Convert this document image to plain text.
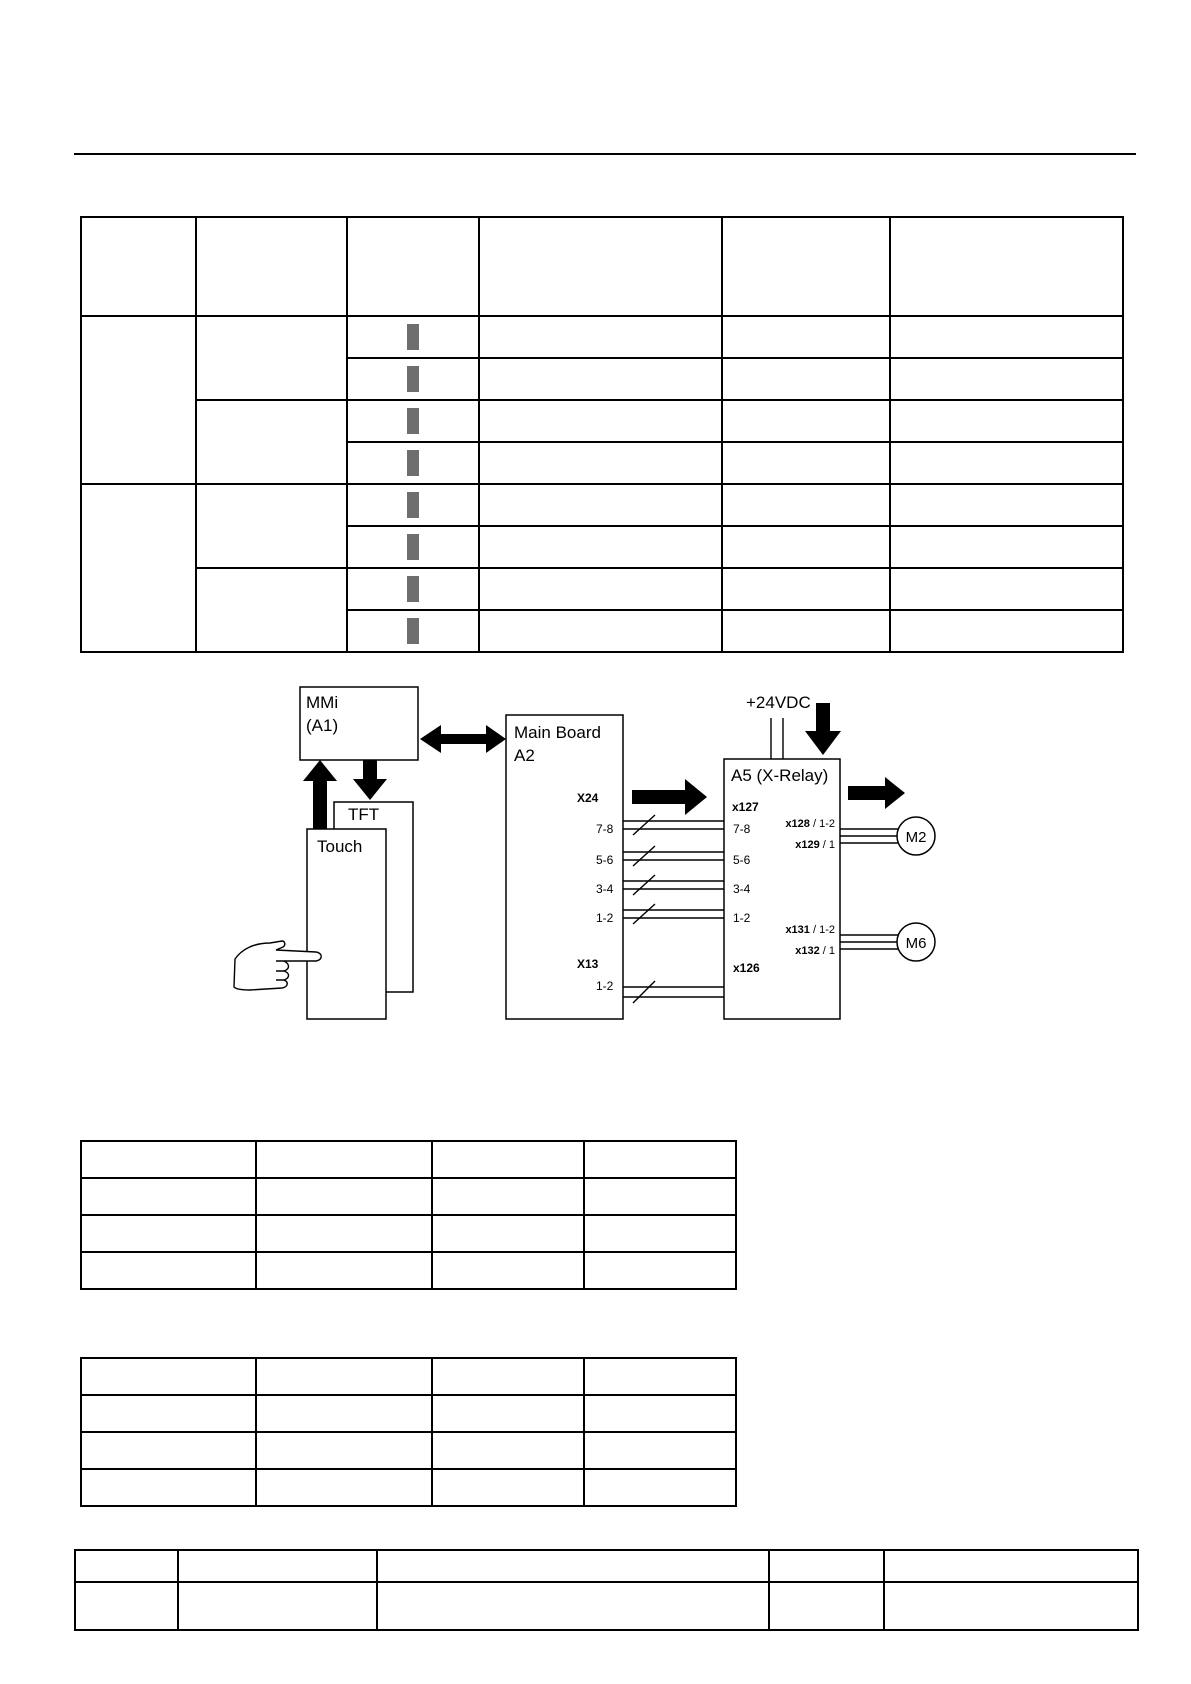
MMi
(A1)
TFT
Touch
Main Board
A2
X24
7-8
5-6
3-4
1-2
X13
1-2
+24VDC
A5 (X-Relay)
x127
7-8
5-6
3-4
1-2
x126
x128 / 1-2
x129 / 1
x131 / 1-2
x132 / 1
M2
M6
